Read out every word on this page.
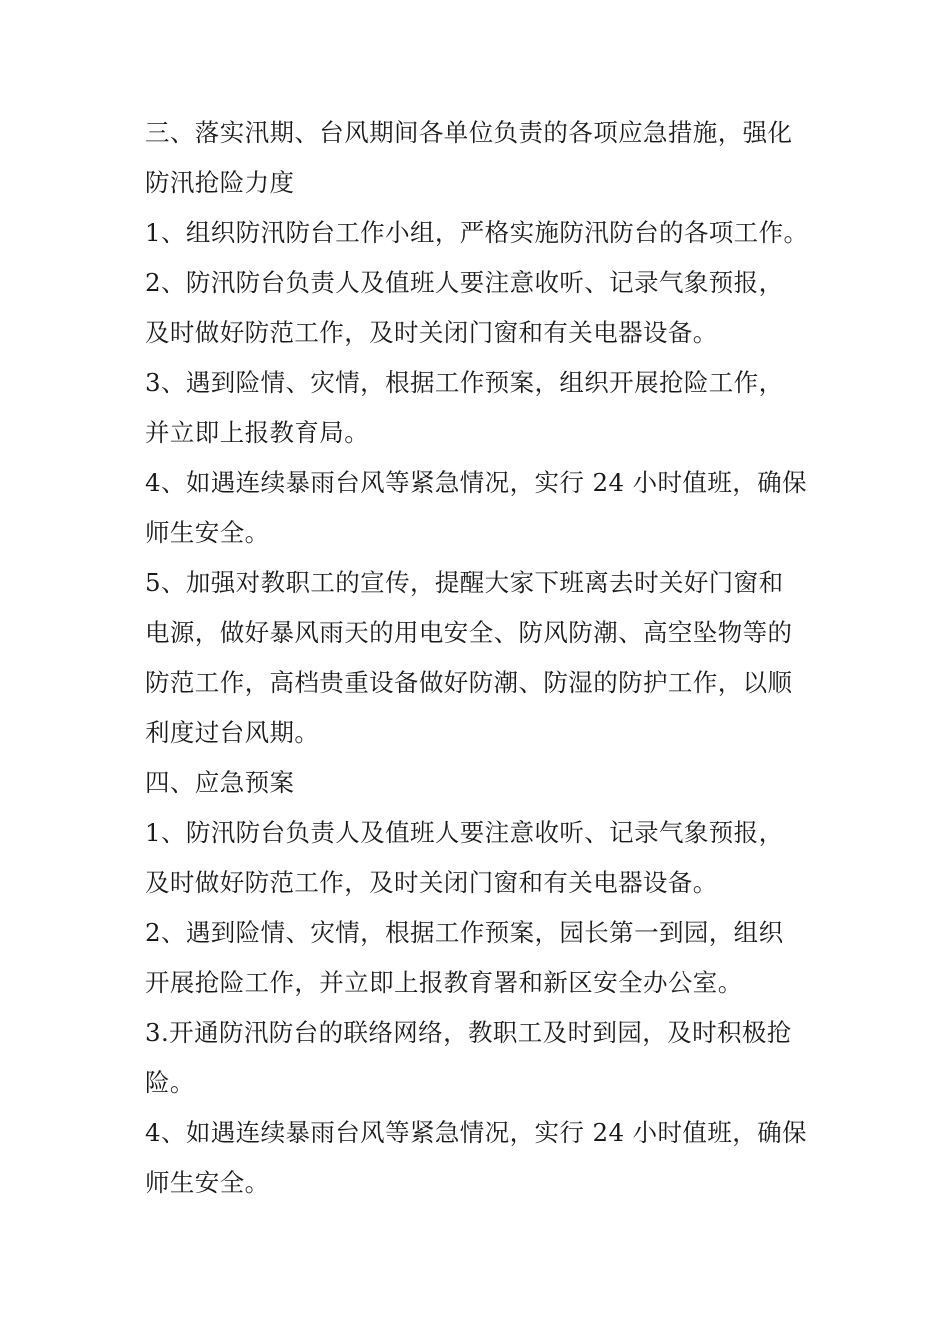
三、落实汛期、台风期间各单位负责的各项应急措施，强化

防汛抢险力度

1、组织防汛防台工作小组，严格实施防汛防台的各项工作。

2、防汛防台负责人及值班人要注意收听、记录气象预报，

及时做好防范工作，及时关闭门窗和有关电器设备。

3、遇到险情、灾情，根据工作预案，组织开展抢险工作，

并立即上报教育局。

4、如遇连续暴雨台风等紧急情况，实行 24 小时值班，确保

师生安全。

5、加强对教职工的宣传，提醒大家下班离去时关好门窗和

电源，做好暴风雨天的用电安全、防风防潮、高空坠物等的

防范工作，高档贵重设备做好防潮、防湿的防护工作，以顺

利度过台风期。

四、应急预案

1、防汛防台负责人及值班人要注意收听、记录气象预报，

及时做好防范工作，及时关闭门窗和有关电器设备。

2、遇到险情、灾情，根据工作预案，园长第一到园，组织

开展抢险工作，并立即上报教育署和新区安全办公室。

3.开通防汛防台的联络网络，教职工及时到园，及时积极抢

险。

4、如遇连续暴雨台风等紧急情况，实行 24 小时值班，确保

师生安全。
